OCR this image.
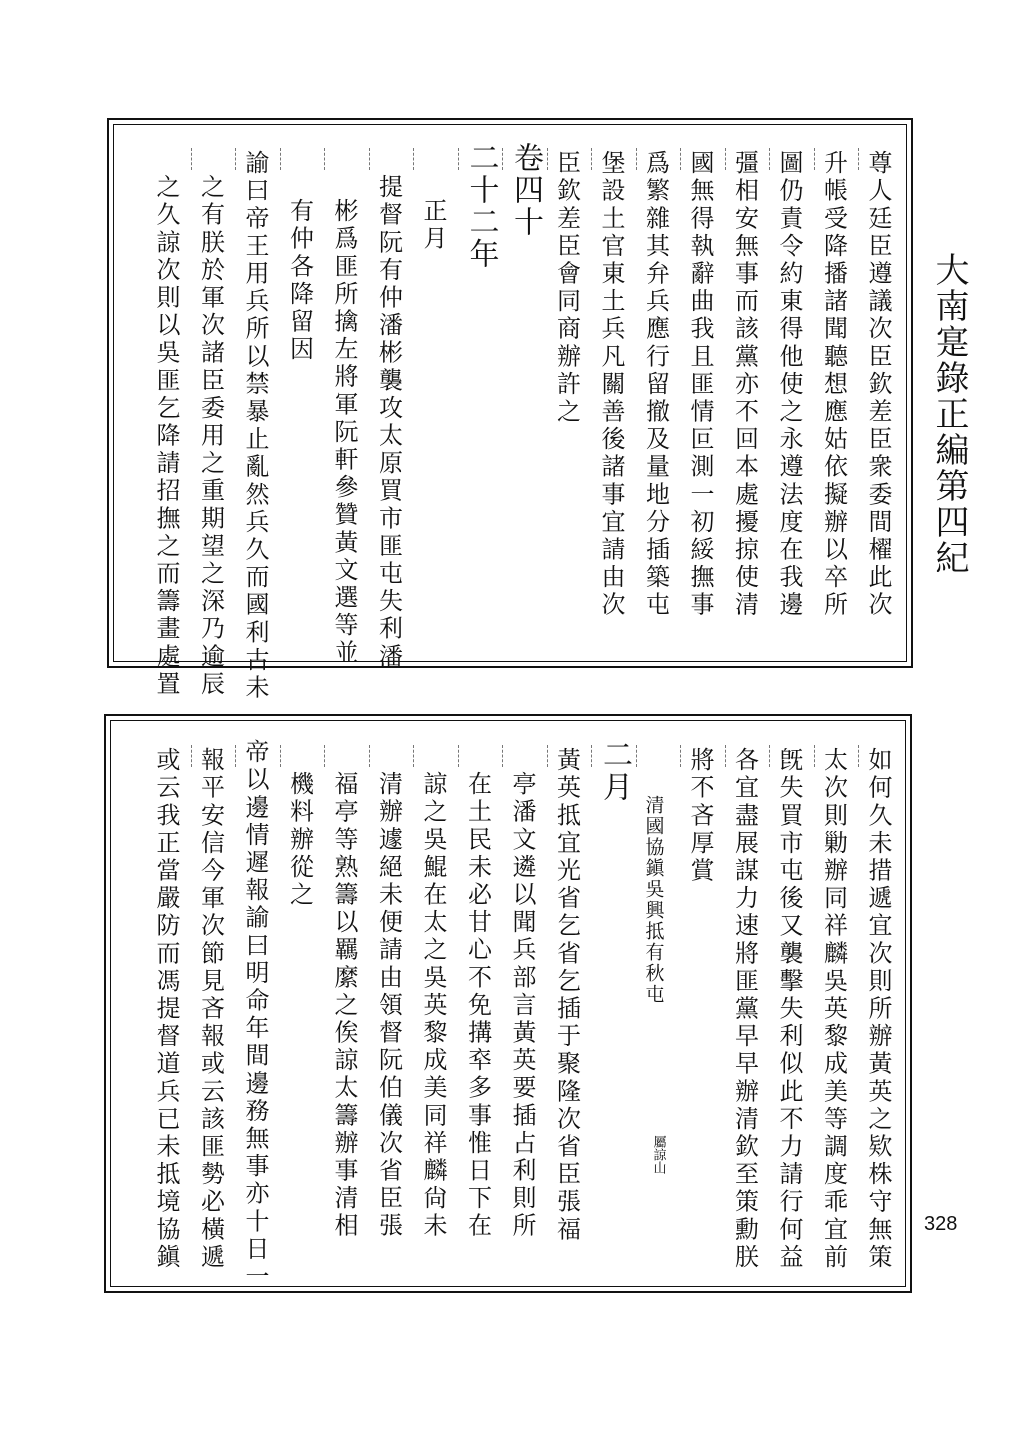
大南寔錄正編第四紀
328
尊人廷臣遵議次臣欽差臣衆委間櫂此次
升帳受降播諸聞聽想應姑依擬辦以卒所
圖仍責令約東得他使之永遵法度在我邊
彊相安無事而該黨亦不回本處擾掠使清
國無得執辭曲我且匪情叵測一初綏撫事
爲繁雜其弁兵應行留撤及量地分插築屯
堡設土官東土兵凡關善後諸事宜請由次
臣欽差臣會同商辦許之
卷四十
二十二年
正月
提督阮有仲潘彬襲攻太原買市匪屯失利潘
彬爲匪所擒左將軍阮軒參贊黃文選等並
有仲各降留因
諭曰帝王用兵所以禁暴止亂然兵久而國利古未
之有朕於軍次諸臣委用之重期望之深乃逾辰
之久諒次則以吳匪乞降請招撫之而籌畫處置
如何久未措遞宜次則所辦黃英之欵株守無策
太次則勦辦同祥麟吳英黎成美等調度乖宜前
旣失買市屯後又襲擊失利似此不力請行何益
各宜盡展謀力速將匪黨早早辦清欽至策勳朕
將不吝厚賞
清國協鎭吳興抵有秋屯
屬諒山
二月
黃英抵宜光省乞省乞插于聚隆次省臣張福
亭潘文遴以聞兵部言黃英要插占利則所
在土民未必甘心不免搆䘚多事惟日下在
諒之吳鯤在太之吳英黎成美同祥麟尙未
清辦遽絕未便請由領督阮伯儀次省臣張
福亭等熟籌以羈縻之俟諒太籌辦事清相
機料辦從之
帝以邊情遲報諭曰明命年間邊務無事亦十日一
報平安信今軍次節見吝報或云該匪勢必橫遞
或云我正當嚴防而馮提督道兵已未抵境協鎭
